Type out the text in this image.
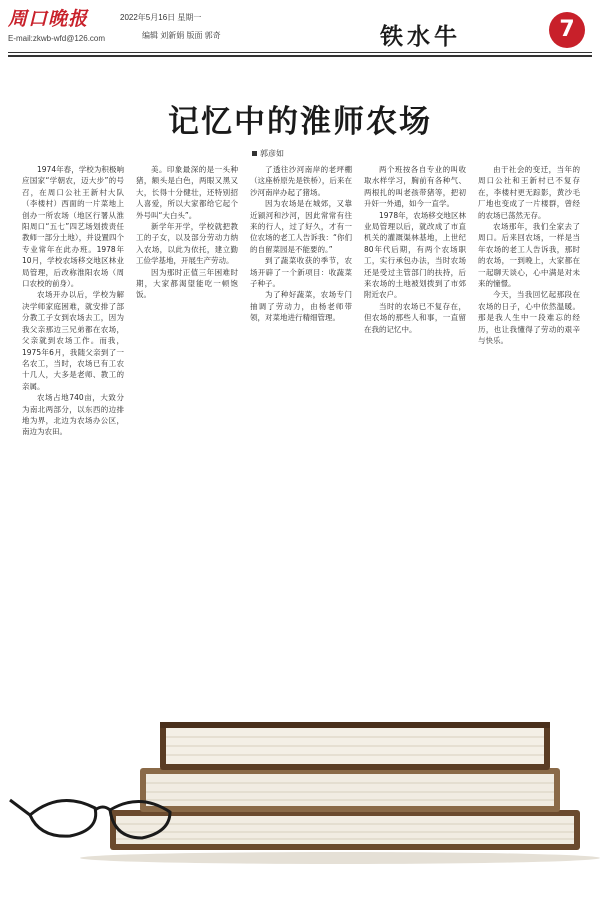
周口晚报
E-mail:zkwb-wfd@126.com
2022年5月16日 星期一
编辑 刘新娟 版面 郭奇	铁水牛	7
记忆中的淮师农场
郭彦如

1974年春，学校为积极响应国家“学朝农，迈大步”的号召，在周口公社王新村大队（李楼村）西面的一片菜地上创办一所农场（地区行署从淮阳周口“五七”四艺场划拨责任教师一部分土地），并设置四个专业常年在此办班。1978年10月，学校农场移交地区林业局管理，后改称淮阳农场（周口农校的前身）。

农场开办以后，学校为解决学师家庭困难，就安排了部分教工子女到农场去工，因为我父亲那边三兄弟都在农场，父亲就到农场工作。而我，1975年6月，我随父亲到了一名农工，当时，农场已有工农十几人，大多是老师、教工的亲属。

农场占地740亩，大致分为南北两部分，以东西的边排地为界，北边为农场办公区，南边为农田。

美。印象最深的是一头种猪，额头是白色，两眼又黑又大，长得十分健壮，还特别招人喜爱，所以大家都给它起个外号叫“大白头”。

新学年开学，学校就把教工的子女，以及部分劳动力纳入农场，以此为依托，建立勤工俭学基地，开展生产劳动。

因为那时正值三年困难时期，大家都渴望能吃一顿饱饭。

了透往沙河南岸的老坪棚（这座桥原先是铁桥），后来在沙河南岸办起了猪场。

因为农场是在城郊，又靠近颍河和沙河，因此常常有往来的行人，过了好久，才有一位农场的老工人告诉我：“你们的自留菜园是不能要的。”

到了蔬菜收获的季节，农场开辟了一个新项目：收蔬菜子种子。

为了种好蔬菜，农场专门抽调了劳动力，由杨老师带领，对菜地进行精细管理。

两个班按各自专业的叫收取水样学习，胸前有各种气、两根扎的叫老孩带猪等，把初升奸一外通，如今一直学。

1978年，农场移交地区林业局管理以后，就改成了市直机关的灌溉渠林基地，上世纪80年代后期，有两个农场职工，实行承包办法，当时农场还是受过主管部门的扶持，后来农场的土地被划拨到了市郊附近农户。

当时的农场已不复存在，但农场的那些人和事，一直留在我的记忆中。

由于社会的变迁，当年的周口公社和王新村已不复存在，李楼村更无踪影，黄沙毛厂地也变成了一片楼群，曾经的农场已荡然无存。

农场那年，我们全家去了周口。后来回农场，一样是当年农场的老工人告诉我，那时的农场，一到晚上，大家都在一起聊天谈心，心中满是对未来的憧憬。

今天，当我回忆起那段在农场的日子，心中依然温暖。那是我人生中一段难忘的经历，也让我懂得了劳动的艰辛与快乐。
